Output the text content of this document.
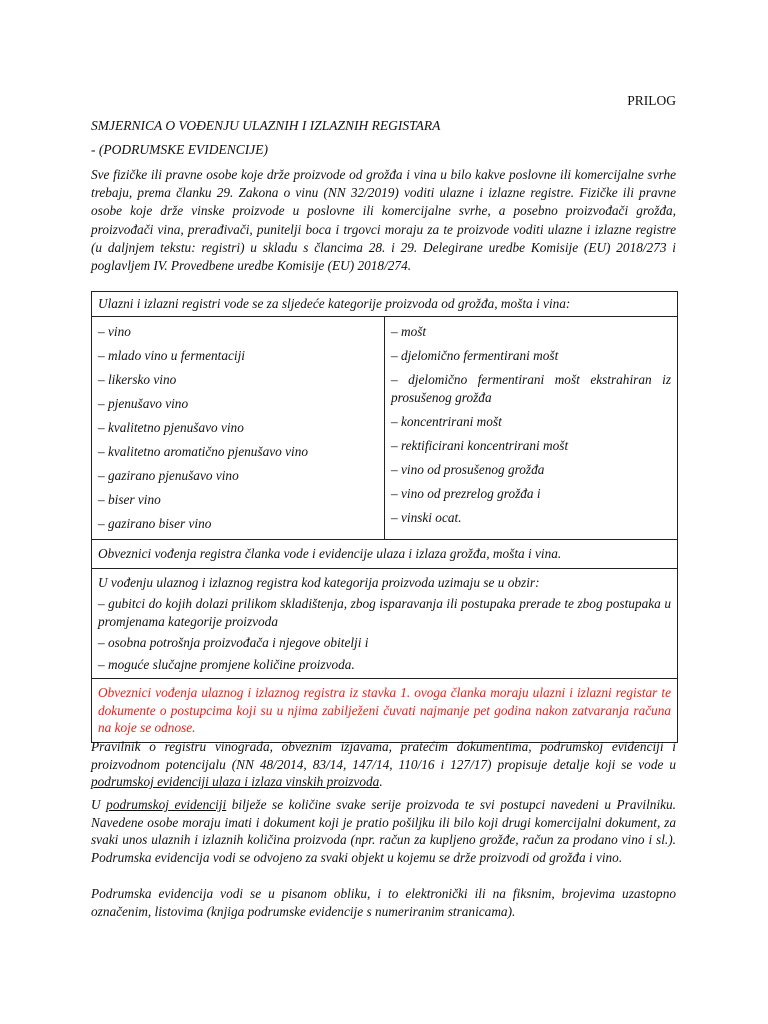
PRILOG
SMJERNICA O VOĐENJU ULAZNIH I IZLAZNIH REGISTARA
- (PODRUMSKE EVIDENCIJE)

Sve fizičke ili pravne osobe koje drže proizvode od grožđa i vina u bilo kakve poslovne ili komercijalne svrhe trebaju, prema članku 29. Zakona o vinu (NN 32/2019) voditi ulazne i izlazne registre. Fizičke ili pravne osobe koje drže vinske proizvode u poslovne ili komercijalne svrhe, a posebno proizvođači grožđa, proizvođači vina, prerađivači, punitelji boca i trgovci moraju za te proizvode voditi ulazne i izlazne registre (u daljnjem tekstu: registri) u skladu s člancima 28. i 29. Delegirane uredbe Komisije (EU) 2018/273 i poglavljem IV. Provedbene uredbe Komisije (EU) 2018/274.

Ulazni i izlazni registri vode se za sljedeće kategorije proizvoda od grožđa, mošta i vina:

– vino

– mlado vino u fermentaciji

– likersko vino

– pjenušavo vino

– kvalitetno pjenušavo vino

– kvalitetno aromatično pjenušavo vino

– gazirano pjenušavo vino

– biser vino

– gazirano biser vino

– mošt

– djelomično fermentirani mošt

– djelomično fermentirani mošt ekstrahiran iz prosušenog grožđa

– koncentrirani mošt

– rektificirani koncentrirani mošt

– vino od prosušenog grožđa

– vino od prezrelog grožđa i

– vinski ocat.

Obveznici vođenja registra članka vode i evidencije ulaza i izlaza grožđa, mošta i vina.

U vođenju ulaznog i izlaznog registra kod kategorija proizvoda uzimaju se u obzir:

– gubitci do kojih dolazi prilikom skladištenja, zbog isparavanja ili postupaka prerade te zbog postupaka u promjenama kategorije proizvoda

– osobna potrošnja proizvođača i njegove obitelji i

– moguće slučajne promjene količine proizvoda.

Obveznici vođenja ulaznog i izlaznog registra iz stavka 1. ovoga članka moraju ulazni i izlazni registar te dokumente o postupcima koji su u njima zabilježeni čuvati najmanje pet godina nakon zatvaranja računa na koje se odnose.

Pravilnik o registru vinograda, obveznim izjavama, pratećim dokumentima, podrumskoj evidenciji i proizvodnom potencijalu (NN 48/2014, 83/14, 147/14, 110/16 i 127/17) propisuje detalje koji se vode u podrumskoj evidenciji ulaza i izlaza vinskih proizvoda.

U podrumskoj evidenciji bilježe se količine svake serije proizvoda te svi postupci navedeni u Pravilniku. Navedene osobe moraju imati i dokument koji je pratio pošiljku ili bilo koji drugi komercijalni dokument, za svaki unos ulaznih i izlaznih količina proizvoda (npr. račun za kupljeno grožđe, račun za prodano vino i sl.). Podrumska evidencija vodi se odvojeno za svaki objekt u kojemu se drže proizvodi od grožđa i vino.

Podrumska evidencija vodi se u pisanom obliku, i to elektronički ili na fiksnim, brojevima uzastopno označenim, listovima (knjiga podrumske evidencije s numeriranim stranicama).
